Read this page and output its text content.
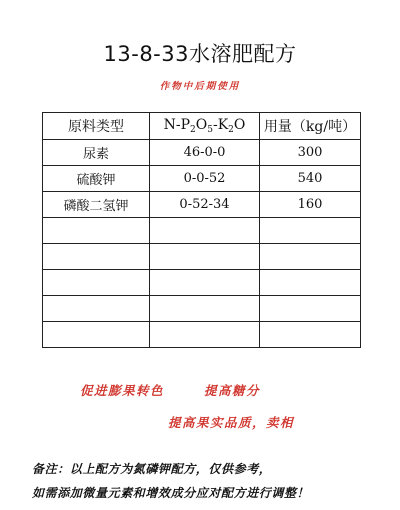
13-8-33水溶肥配方
作物中后期使用
原料类型	$N-P_2O_5-K_2O$	用量（kg/吨）
尿素	46-0-0	300
硫酸钾	0-0-52	540
磷酸二氢钾	0-52-34	160

促进膨果转色	提高糖分
提高果实品质，卖相
备注：以上配方为氮磷钾配方，仅供参考，
如需添加微量元素和增效成分应对配方进行调整！
